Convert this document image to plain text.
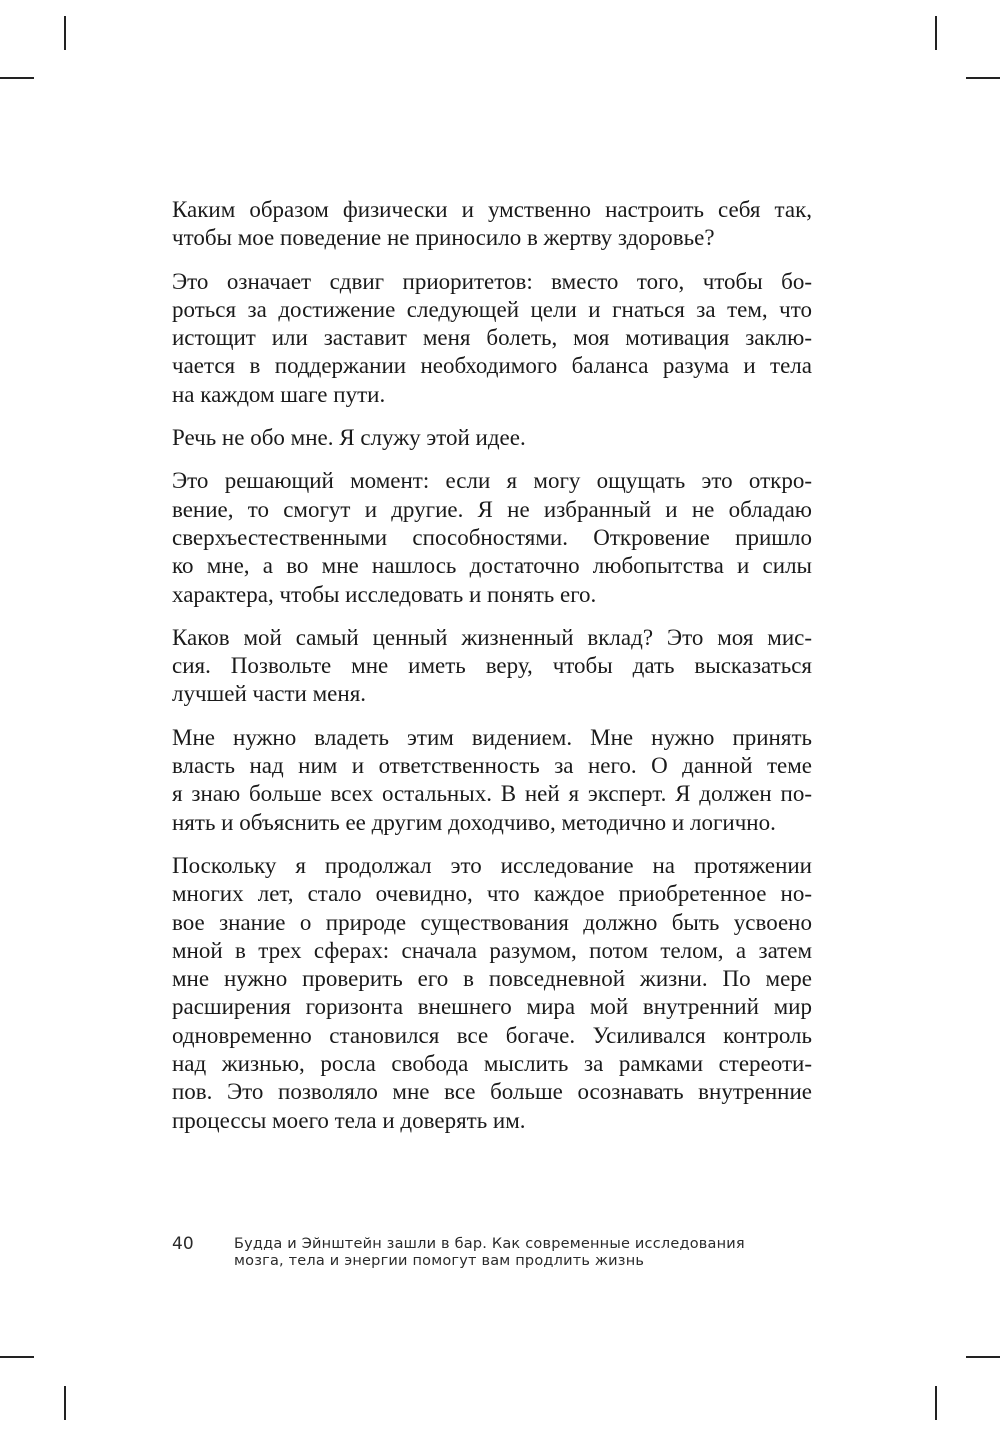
Каким образом физически и умственно настроить себя так,
чтобы мое поведение не приносило в жертву здоровье?

Это означает сдвиг приоритетов: вместо того, чтобы бо-
роться за достижение следующей цели и гнаться за тем, что
истощит или заставит меня болеть, моя мотивация заклю-
чается в поддержании необходимого баланса разума и тела
на каждом шаге пути.

Речь не обо мне. Я служу этой идее.

Это решающий момент: если я могу ощущать это откро-
вение, то смогут и другие. Я не избранный и не обладаю
сверхъестественными способностями. Откровение пришло
ко мне, а во мне нашлось достаточно любопытства и силы
характера, чтобы исследовать и понять его.

Каков мой самый ценный жизненный вклад? Это моя мис-
сия. Позвольте мне иметь веру, чтобы дать высказаться
лучшей части меня.

Мне нужно владеть этим видением. Мне нужно принять
власть над ним и ответственность за него. О данной теме
я знаю больше всех остальных. В ней я эксперт. Я должен по-
нять и объяснить ее другим доходчиво, методично и логично.

Поскольку я продолжал это исследование на протяжении
многих лет, стало очевидно, что каждое приобретенное но-
вое знание о природе существования должно быть усвоено
мной в трех сферах: сначала разумом, потом телом, а затем
мне нужно проверить его в повседневной жизни. По мере
расширения горизонта внешнего мира мой внутренний мир
одновременно становился все богаче. Усиливался контроль
над жизнью, росла свобода мыслить за рамками стереоти-
пов. Это позволяло мне все больше осознавать внутренние
процессы моего тела и доверять им.

40	Будда и Эйнштейн зашли в бар. Как современные исследования
мозга, тела и энергии помогут вам продлить жизнь
